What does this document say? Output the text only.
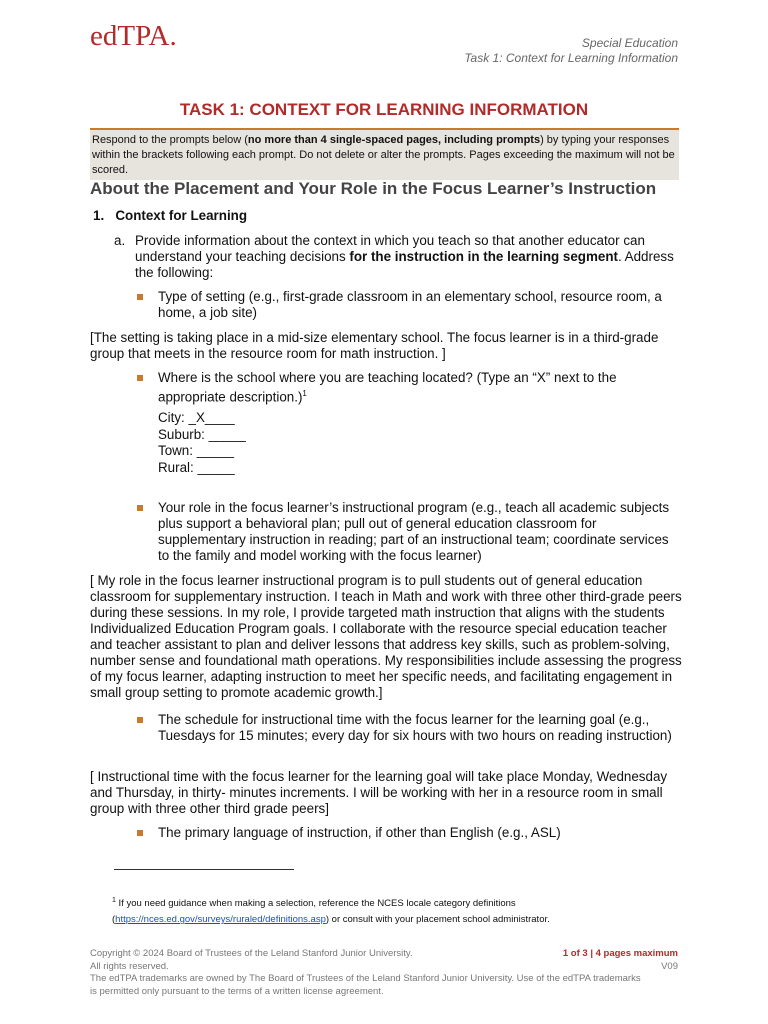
edTPA.	Special Education
Task 1: Context for Learning Information
TASK 1: CONTEXT FOR LEARNING INFORMATION
Respond to the prompts below (no more than 4 single-spaced pages, including prompts) by typing your responses within the brackets following each prompt. Do not delete or alter the prompts. Pages exceeding the maximum will not be scored.
About the Placement and Your Role in the Focus Learner’s Instruction
1. Context for Learning
a. Provide information about the context in which you teach so that another educator can understand your teaching decisions for the instruction in the learning segment. Address the following:
Type of setting (e.g., first-grade classroom in an elementary school, resource room, a home, a job site)
[The setting is taking place in a mid-size elementary school. The focus learner is in a third-grade group that meets in the resource room for math instruction. ]
Where is the school where you are teaching located? (Type an “X” next to the appropriate description.)$^1$
City: _X____
Suburb: _____
Town: _____
Rural: _____
Your role in the focus learner’s instructional program (e.g., teach all academic subjects plus support a behavioral plan; pull out of general education classroom for supplementary instruction in reading; part of an instructional team; coordinate services to the family and model working with the focus learner)
[ My role in the focus learner instructional program is to pull students out of general education classroom for supplementary instruction. I teach in Math and work with three other third-grade peers during these sessions. In my role, I provide targeted math instruction that aligns with the students Individualized Education Program goals. I collaborate with the resource special education teacher and teacher assistant to plan and deliver lessons that address key skills, such as problem-solving, number sense and foundational math operations. My responsibilities include assessing the progress of my focus learner, adapting instruction to meet her specific needs, and facilitating engagement in small group setting to promote academic growth.]
The schedule for instructional time with the focus learner for the learning goal (e.g., Tuesdays for 15 minutes; every day for six hours with two hours on reading instruction)
[ Instructional time with the focus learner for the learning goal will take place Monday, Wednesday and Thursday, in thirty- minutes increments. I will be working with her in a resource room in small group with three other third grade peers]
The primary language of instruction, if other than English (e.g., ASL)
$^1$ If you need guidance when making a selection, reference the NCES locale category definitions
(https://nces.ed.gov/surveys/ruraled/definitions.asp) or consult with your placement school administrator.
Copyright © 2024 Board of Trustees of the Leland Stanford Junior University.
All rights reserved.
The edTPA trademarks are owned by The Board of Trustees of the Leland Stanford Junior University. Use of the edTPA trademarks is permitted only pursuant to the terms of a written license agreement.
1 of 3 | 4 pages maximum
V09
